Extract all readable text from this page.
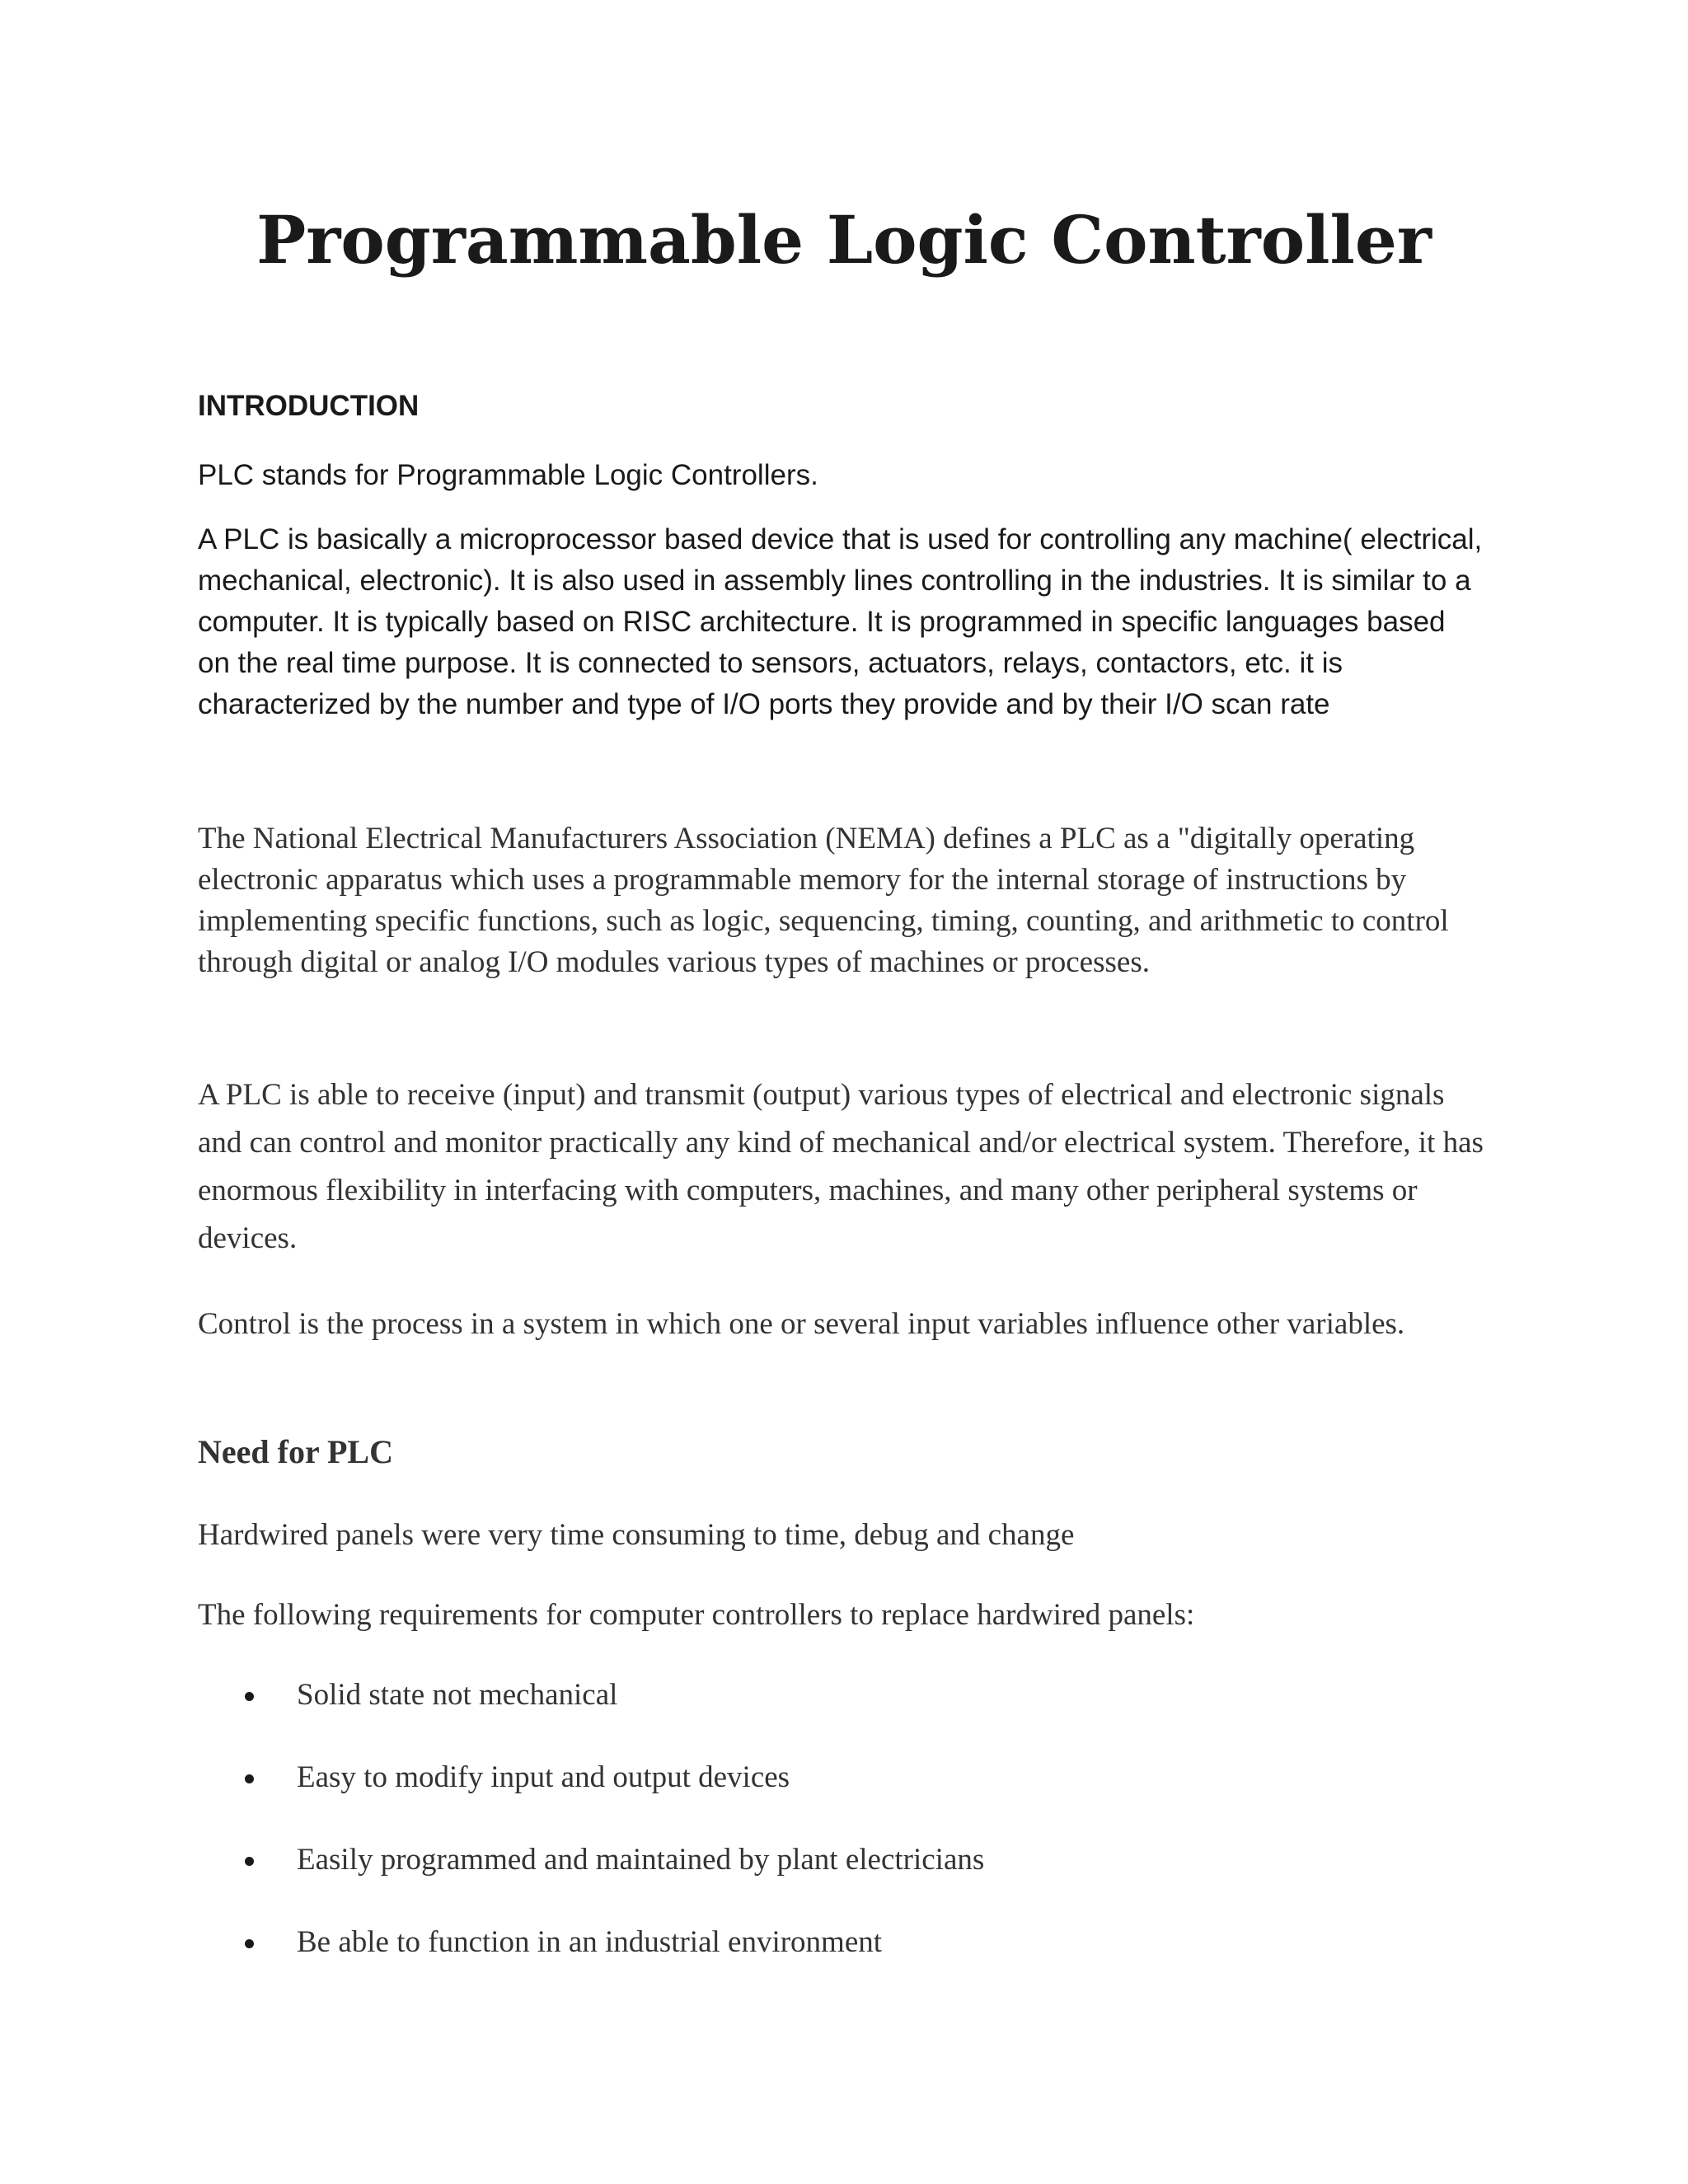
Programmable Logic Controller
INTRODUCTION

PLC stands for Programmable Logic Controllers.

A PLC is basically a microprocessor based device that is used for controlling any machine( electrical, mechanical, electronic). It is also used in assembly lines controlling in the industries. It is similar to a computer. It is typically based on RISC architecture. It is programmed in specific languages based on the real time purpose. It is connected to sensors, actuators, relays, contactors, etc. it is characterized by the number and type of I/O ports they provide and by their I/O scan rate

The National Electrical Manufacturers Association (NEMA) defines a PLC as a "digitally operating electronic apparatus which uses a programmable memory for the internal storage of instructions by implementing specific functions, such as logic, sequencing, timing, counting, and arithmetic to control through digital or analog I/O modules various types of machines or processes.

A PLC is able to receive (input) and transmit (output) various types of electrical and electronic signals and can control and monitor practically any kind of mechanical and/or electrical system. Therefore, it has enormous flexibility in interfacing with computers, machines, and many other peripheral systems or devices.

Control is the process in a system in which one or several input variables influence other variables.

Need for PLC

Hardwired panels were very time consuming to time, debug and change

The following requirements for computer controllers to replace hardwired panels:

Solid state not mechanical
Easy to modify input and output devices
Easily programmed and maintained by plant electricians
Be able to function in an industrial environment
